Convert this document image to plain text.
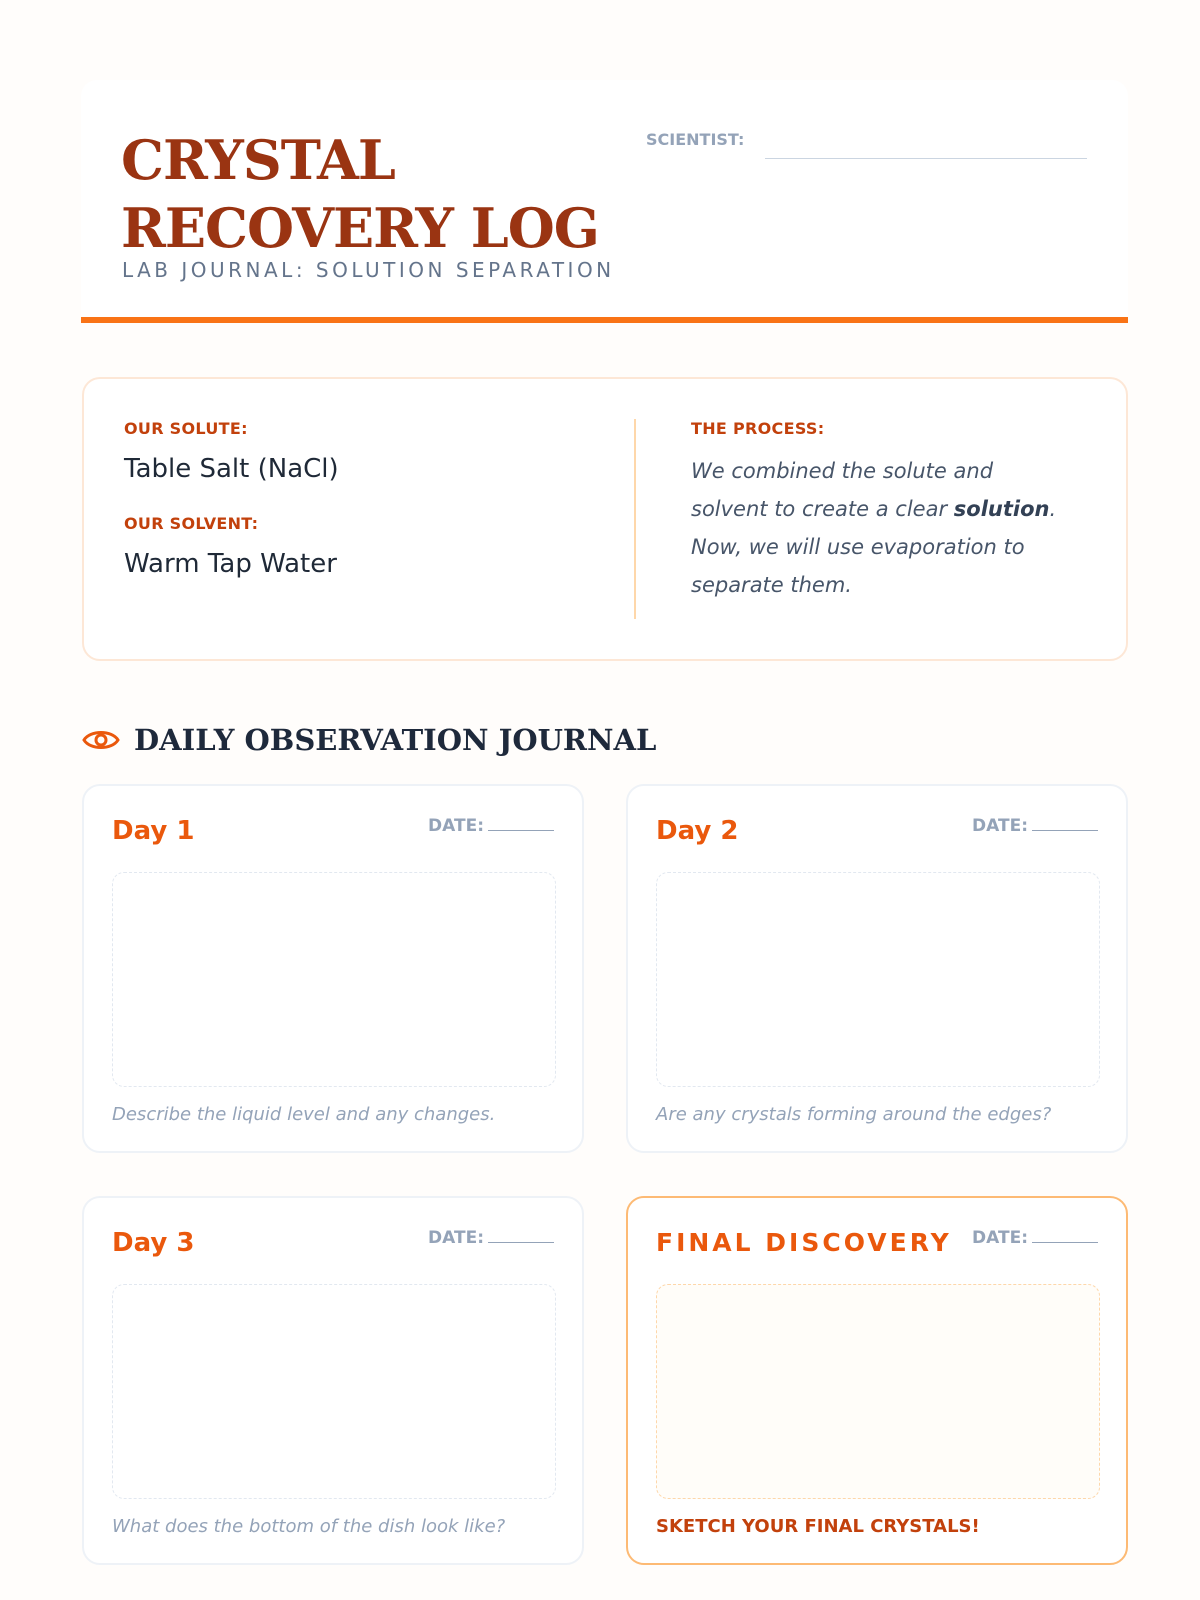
CRYSTAL
RECOVERY LOG
LAB JOURNAL: SOLUTION SEPARATION
SCIENTIST:
OUR SOLUTE:
Table Salt (NaCl)
OUR SOLVENT:
Warm Tap Water
THE PROCESS:
We combined the solute and solvent to create a clear solution. Now, we will use evaporation to separate them.
DAILY OBSERVATION JOURNAL
Day 1	DATE:
Describe the liquid level and any changes.
Day 2	DATE:
Are any crystals forming around the edges?
Day 3	DATE:
What does the bottom of the dish look like?
FINAL DISCOVERY DATE:
SKETCH YOUR FINAL CRYSTALS!
